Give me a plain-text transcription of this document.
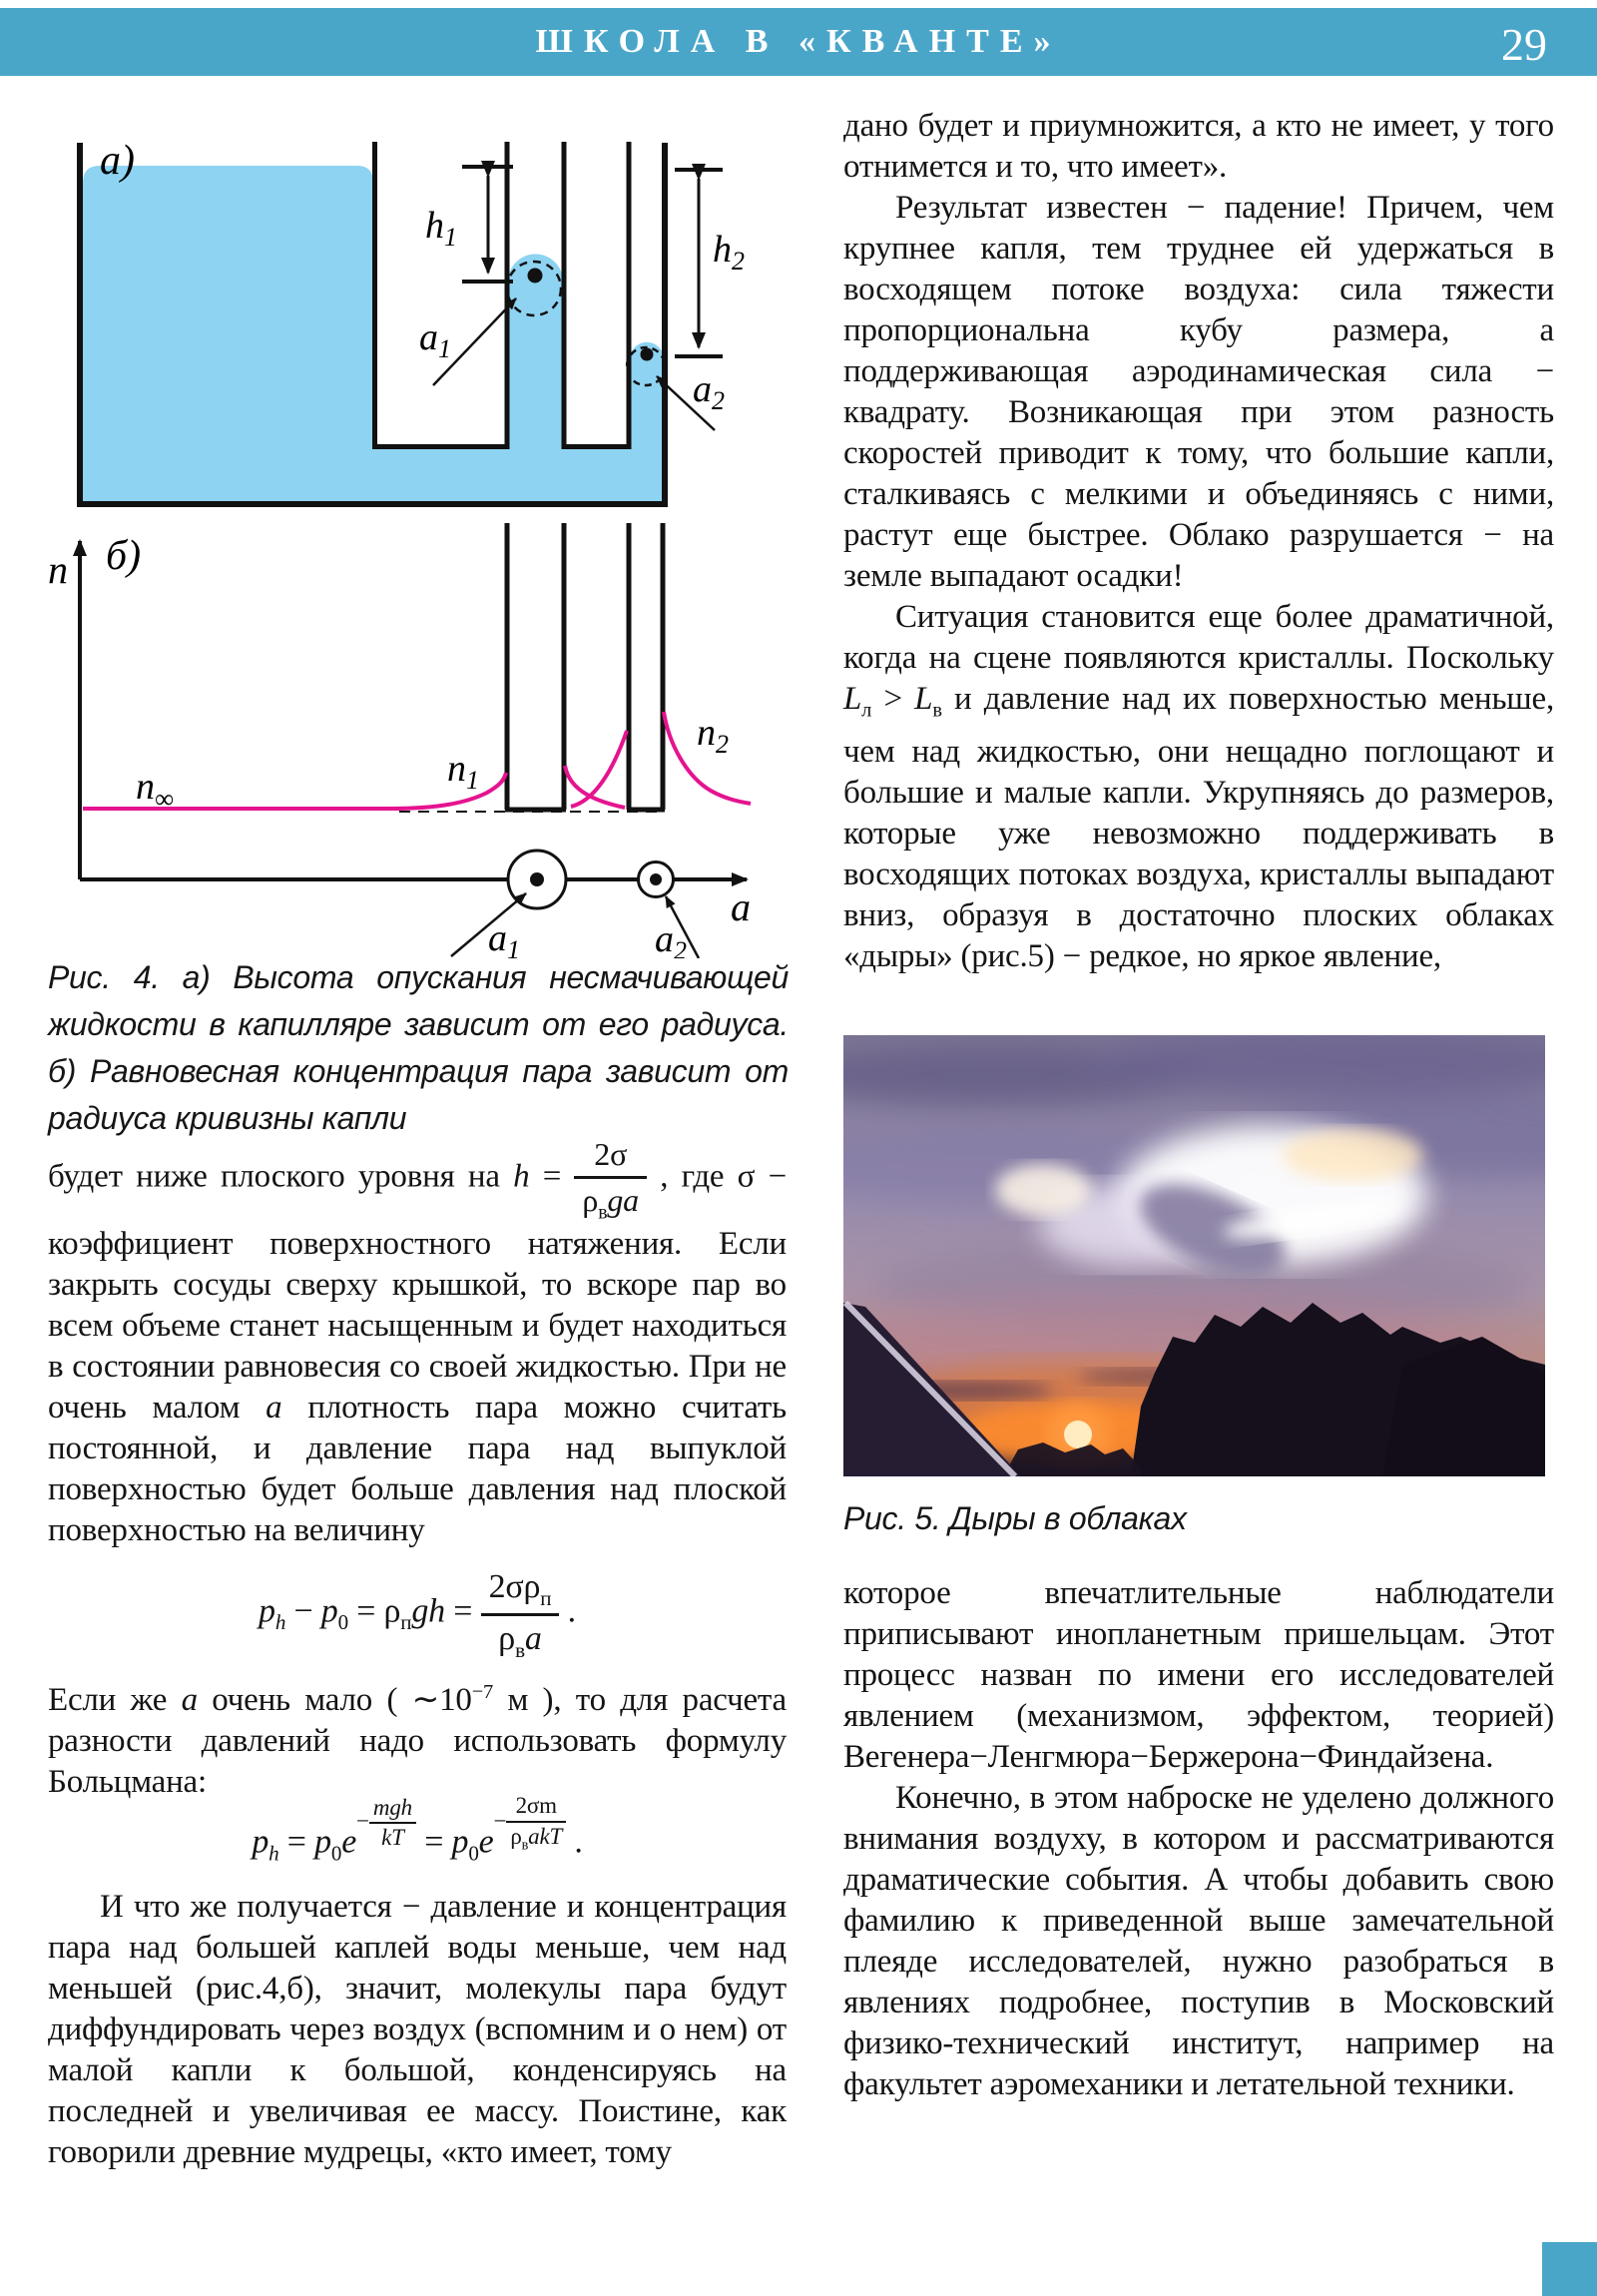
ШКОЛА В «КВАНТЕ»	29
а)
$h_1$	$h_2$
$a_1$
$a_2$
б)
n
a
$n_\infty$
$n_1$
$n_2$
$a_1$	$a_2$
Рис. 4. а) Высота опускания несмачивающей жидкости в капилляре зависит от его радиуса. б) Равновесная концентрация пара зависит от радиуса кривизны капли

будет ниже плоского уровня на $h = \frac{2\sigma}{\rho_вga}$ , где σ − коэффициент поверхностного натяжения. Если закрыть сосуды сверху крышкой, то вскоре пар во всем объеме станет насыщенным и будет находиться в состоянии равновесия со своей жидкостью. При не очень малом a плотность пара можно считать постоянной, и давление пара над выпуклой поверхностью будет больше давления над плоской поверхностью на величину

$p_h - p_0 = \rho_пgh = \frac{2\sigma\rho_п}{\rho_вa}$ .

Если же a очень мало ( $\sim 10^{-7}$ м ), то для расчета разности давлений надо использовать формулу Больцмана:

$p_h = p_0e- \frac{\text{mgh}}{kT} = p_0e- \frac{2\sigma m}{\rho_вakT}$ .

И что же получается − давление и концентрация пара над большей каплей воды меньше, чем над меньшей (рис.4,б), значит, молекулы пара будут диффундировать через воздух (вспомним и о нем) от малой капли к большой, конденсируясь на последней и увеличивая ее массу. Поистине, как говорили древние мудрецы, «кто имеет, тому

дано будет и приумножится, а кто не имеет, у того отнимется и то, что имеет».

Результат известен − падение! Причем, чем крупнее капля, тем труднее ей удержаться в восходящем потоке воздуха: сила тяжести пропорциональна кубу размера, а поддерживающая аэродинамическая сила − квадрату. Возникающая при этом разность скоростей приводит к тому, что большие капли, сталкиваясь с мелкими и объединяясь с ними, растут еще быстрее. Облако разрушается − на земле выпадают осадки!

Ситуация становится еще более драматичной, когда на сцене появляются кристаллы. Поскольку $L_л > L_в$ и давление над их поверхностью меньше, чем над жидкостью, они нещадно поглощают и большие и малые капли. Укрупняясь до размеров, которые уже невозможно поддерживать в восходящих потоках воздуха, кристаллы выпадают вниз, образуя в достаточно плоских облаках «дыры» (рис.5) − редкое, но яркое явление,

Рис. 5. Дыры в облаках

которое впечатлительные наблюдатели приписывают инопланетным пришельцам. Этот процесс назван по имени его исследователей явлением (механизмом, эффектом, теорией) Вегенера−Ленгмюра−Бержерона−Финдайзена.

Конечно, в этом наброске не уделено должного внимания воздуху, в котором и рассматриваются драматические события. А чтобы добавить свою фамилию к приведенной выше замечательной плеяде исследователей, нужно разобраться в явлениях подробнее, поступив в Московский физико-технический институт, например на факультет аэромеханики и летательной техники.
